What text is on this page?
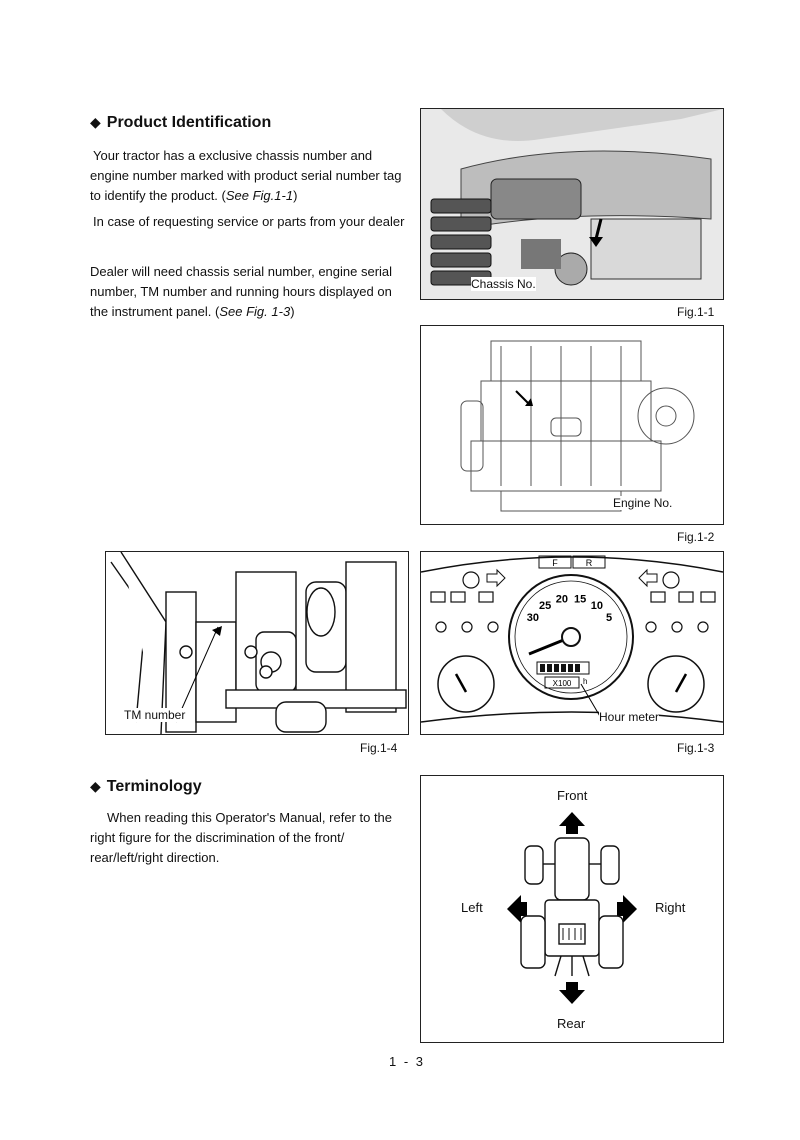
◆ Product Identification

Your tractor has a exclusive chassis number and engine number marked with product serial number tag to identify the product. (See Fig.1-1)

In case of requesting service or parts from your dealer

Dealer will need chassis serial number, engine serial number, TM number and running hours displayed on the instrument panel. (See Fig. 1-3)

Chassis No.
Fig.1-1
Engine No.
Fig.1-2
TM number
Fig.1-4
F	R
5
10
15
20
25
30
h
X100
Hour meter
Fig.1-3
◆ Terminology

When reading this Operator's Manual, refer to the right figure for the discrimination of the front/ rear/left/right direction.

Front
Rear
Left	Right
1 - 3
